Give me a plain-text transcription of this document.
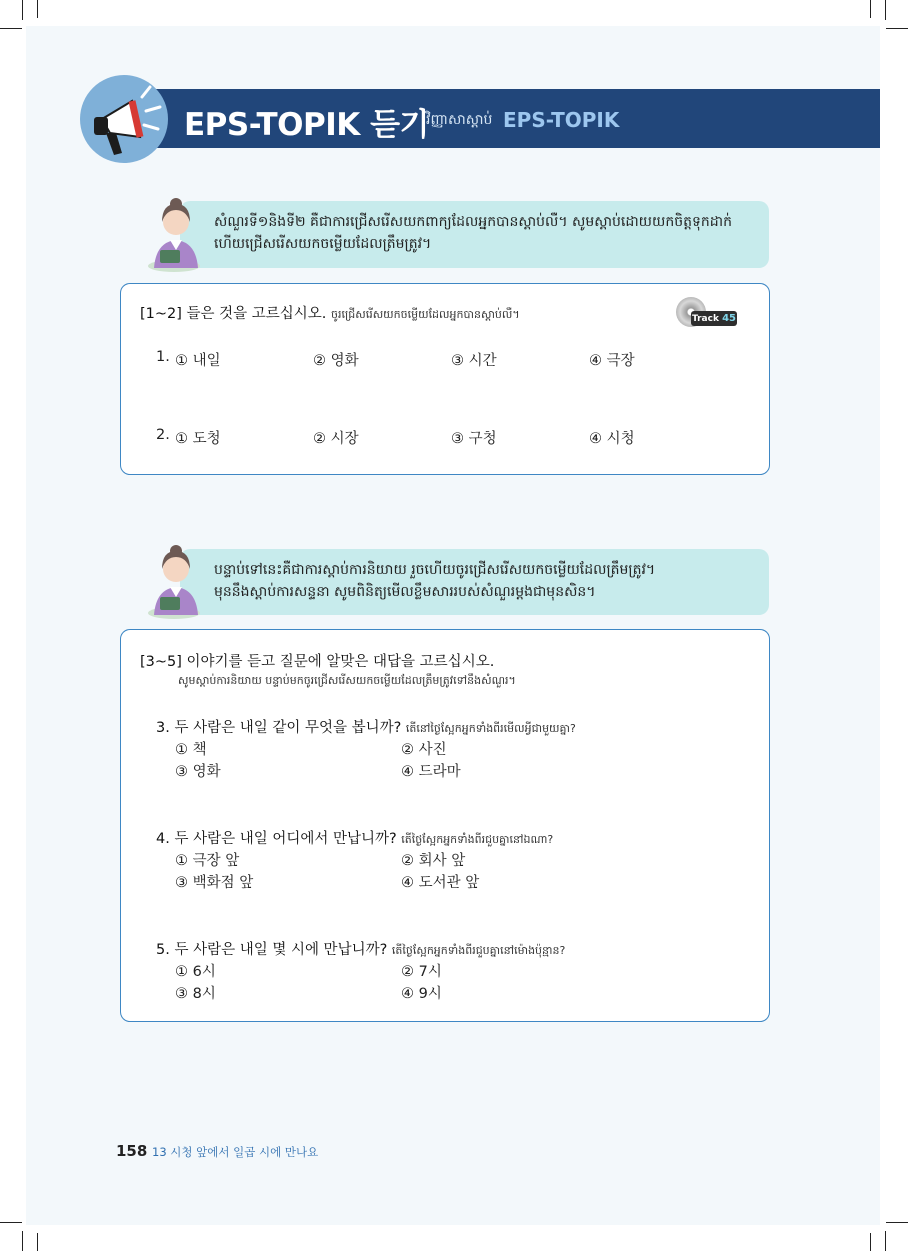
EPS-TOPIK 듣기
វិញ្ញាសាស្ដាប់ EPS-TOPIK
សំណួរទី១និងទី២ គឺជាការជ្រើសរើសយកពាក្យដែលអ្នកបានស្ដាប់លឺ។ សូមស្ដាប់ដោយយកចិត្តទុកដាក់
ហើយជ្រើសរើសយកចម្លើយដែលត្រឹមត្រូវ។
[1~2] 들은 것을 고르십시오. ចូរជ្រើសរើសយកចម្លើយដែលអ្នកបានស្ដាប់លឺ។	Track 45
1. ① 내일	② 영화	③ 시간	④ 극장
2. ① 도청	② 시장	③ 구청	④ 시청
បន្ទាប់ទៅនេះគឺជាការស្ដាប់ការនិយាយ រួចហើយចូរជ្រើសរើសយកចម្លើយដែលត្រឹមត្រូវ។
មុននឹងស្ដាប់ការសន្ទនា សូមពិនិត្យមើលខ្លឹមសាររបស់សំណួរម្ដងជាមុនសិន។
[3~5] 이야기를 듣고 질문에 알맞은 대답을 고르십시오.
សូមស្ដាប់ការនិយាយ បន្ទាប់មកចូរជ្រើសរើសយកចម្លើយដែលត្រឹមត្រូវទៅនឹងសំណួរ។
3. 두 사람은 내일 같이 무엇을 봅니까? តើនៅថ្ងៃស្អែកអ្នកទាំងពីរមើលអ្វីជាមួយគ្នា?
① 책	② 사진
③ 영화	④ 드라마
4. 두 사람은 내일 어디에서 만납니까? តើថ្ងៃស្អែកអ្នកទាំងពីរជួបគ្នានៅឯណា?
① 극장 앞	② 회사 앞
③ 백화점 앞	④ 도서관 앞
5. 두 사람은 내일 몇 시에 만납니까? តើថ្ងៃស្អែកអ្នកទាំងពីរជួបគ្នានៅម៉ោងប៉ុន្មាន?
① 6시	② 7시
③ 8시	④ 9시
158 13 시청 앞에서 일곱 시에 만나요
